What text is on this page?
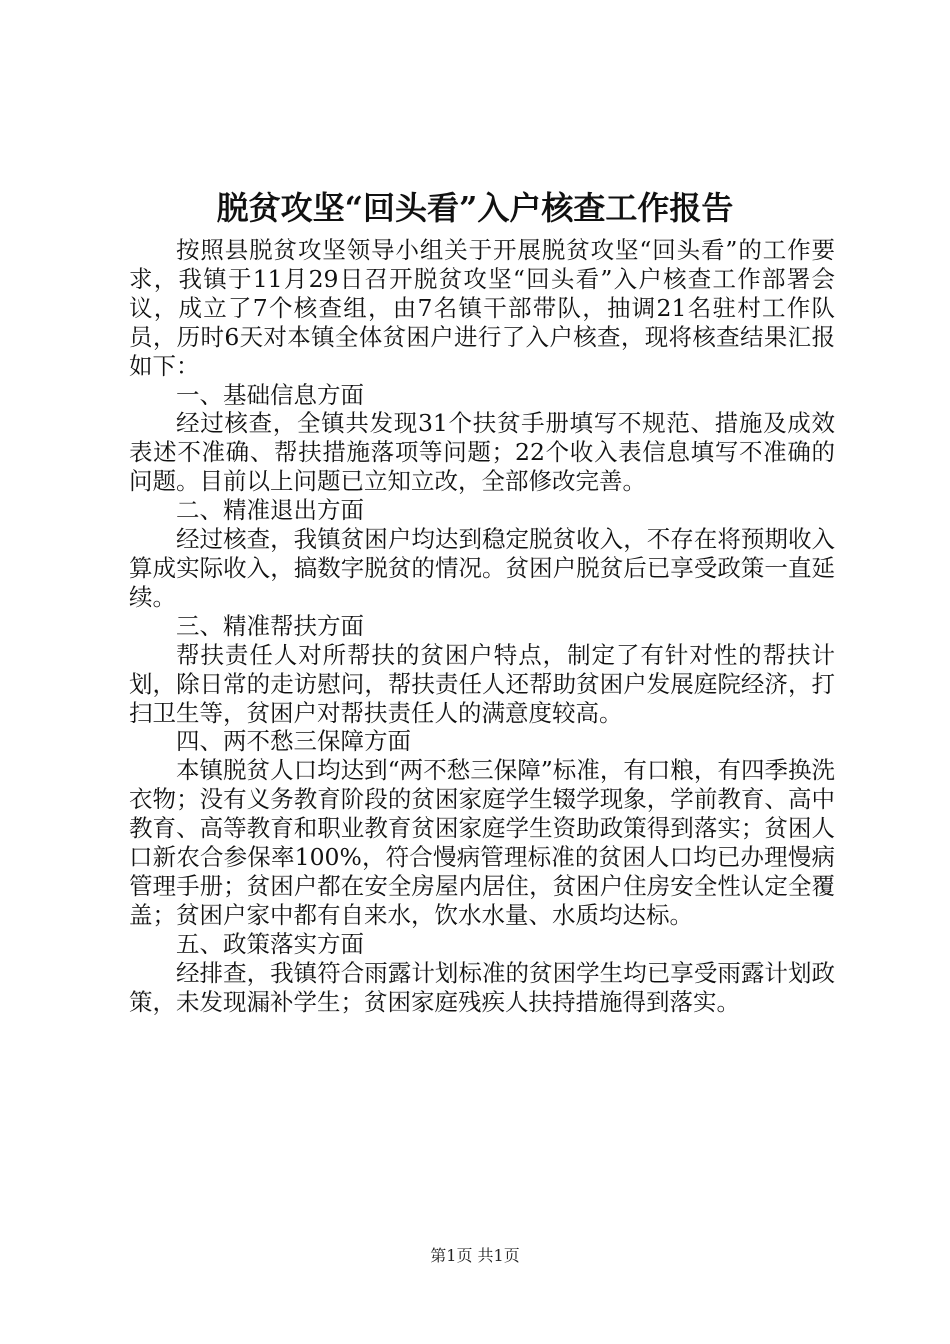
脱贫攻坚“回头看”入户核查工作报告

按照县脱贫攻坚领导小组关于开展脱贫攻坚“回头看”的工作要求，我镇于11月29日召开脱贫攻坚“回头看”入户核查工作部署会议，成立了7个核查组，由7名镇干部带队，抽调21名驻村工作队员，历时6天对本镇全体贫困户进行了入户核查，现将核查结果汇报如下：

一、基础信息方面

经过核查，全镇共发现31个扶贫手册填写不规范、措施及成效表述不准确、帮扶措施落项等问题；22个收入表信息填写不准确的问题。目前以上问题已立知立改，全部修改完善。

二、精准退出方面

经过核查，我镇贫困户均达到稳定脱贫收入，不存在将预期收入算成实际收入，搞数字脱贫的情况。贫困户脱贫后已享受政策一直延续。

三、精准帮扶方面

帮扶责任人对所帮扶的贫困户特点，制定了有针对性的帮扶计划，除日常的走访慰问，帮扶责任人还帮助贫困户发展庭院经济，打扫卫生等，贫困户对帮扶责任人的满意度较高。

四、两不愁三保障方面

本镇脱贫人口均达到“两不愁三保障”标准，有口粮，有四季换洗衣物；没有义务教育阶段的贫困家庭学生辍学现象，学前教育、高中教育、高等教育和职业教育贫困家庭学生资助政策得到落实；贫困人口新农合参保率100%，符合慢病管理标准的贫困人口均已办理慢病管理手册；贫困户都在安全房屋内居住，贫困户住房安全性认定全覆盖；贫困户家中都有自来水，饮水水量、水质均达标。

五、政策落实方面

经排查，我镇符合雨露计划标准的贫困学生均已享受雨露计划政策，未发现漏补学生；贫困家庭残疾人扶持措施得到落实。

第1页 共1页
